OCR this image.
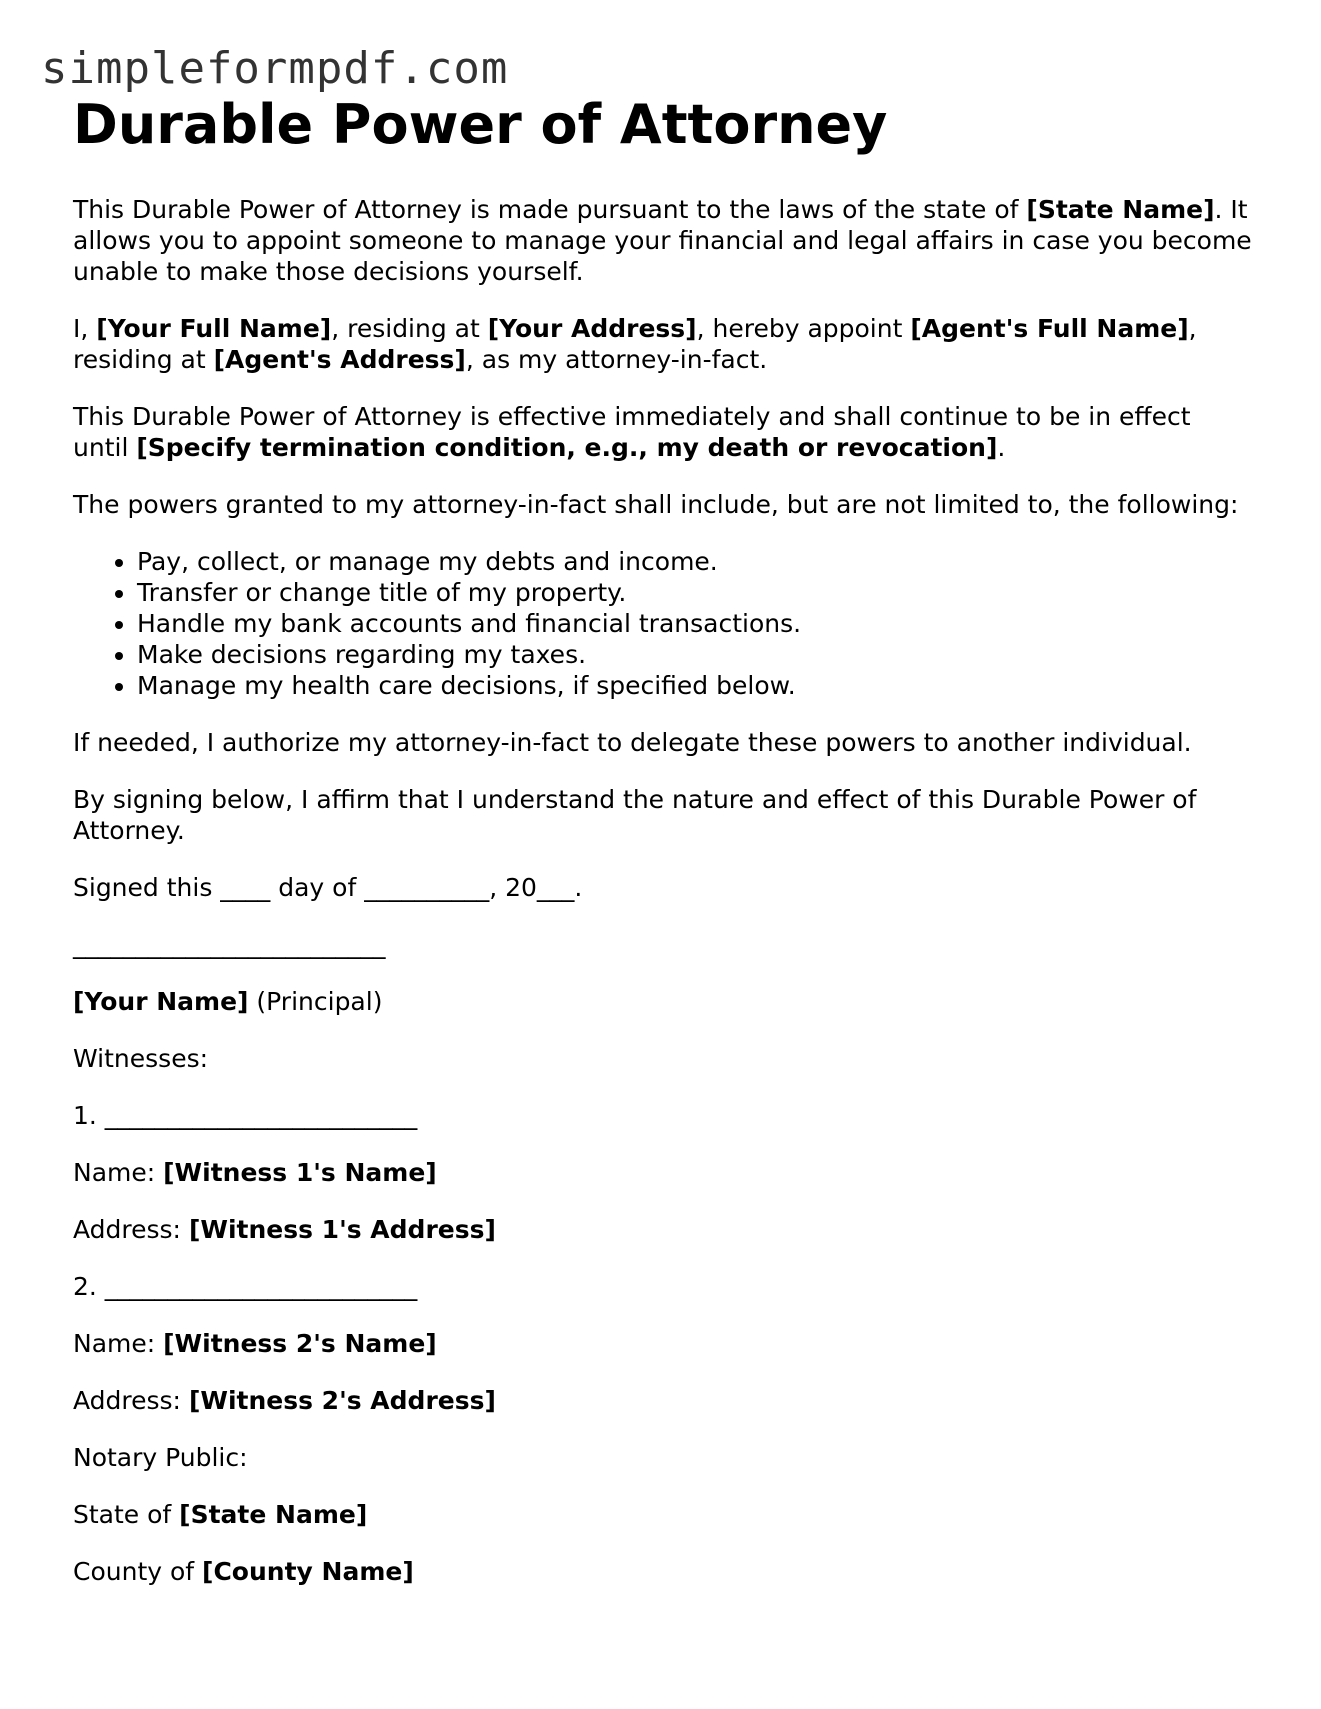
simpleformpdf.com
Durable Power of Attorney

This Durable Power of Attorney is made pursuant to the laws of the state of [State Name]. It allows you to appoint someone to manage your financial and legal affairs in case you become unable to make those decisions yourself.

I, [Your Full Name], residing at [Your Address], hereby appoint [Agent's Full Name], residing at [Agent's Address], as my attorney-in-fact.

This Durable Power of Attorney is effective immediately and shall continue to be in effect until [Specify termination condition, e.g., my death or revocation].

The powers granted to my attorney-in-fact shall include, but are not limited to, the following:

• Pay, collect, or manage my debts and income.
• Transfer or change title of my property.
• Handle my bank accounts and financial transactions.
• Make decisions regarding my taxes.
• Manage my health care decisions, if specified below.

If needed, I authorize my attorney-in-fact to delegate these powers to another individual.

By signing below, I affirm that I understand the nature and effect of this Durable Power of Attorney.

Signed this ____ day of __________, 20___.

_________________________

[Your Name] (Principal)

Witnesses:

1. _________________________

Name: [Witness 1's Name]

Address: [Witness 1's Address]

2. _________________________

Name: [Witness 2's Name]

Address: [Witness 2's Address]

Notary Public:

State of [State Name]

County of [County Name]
